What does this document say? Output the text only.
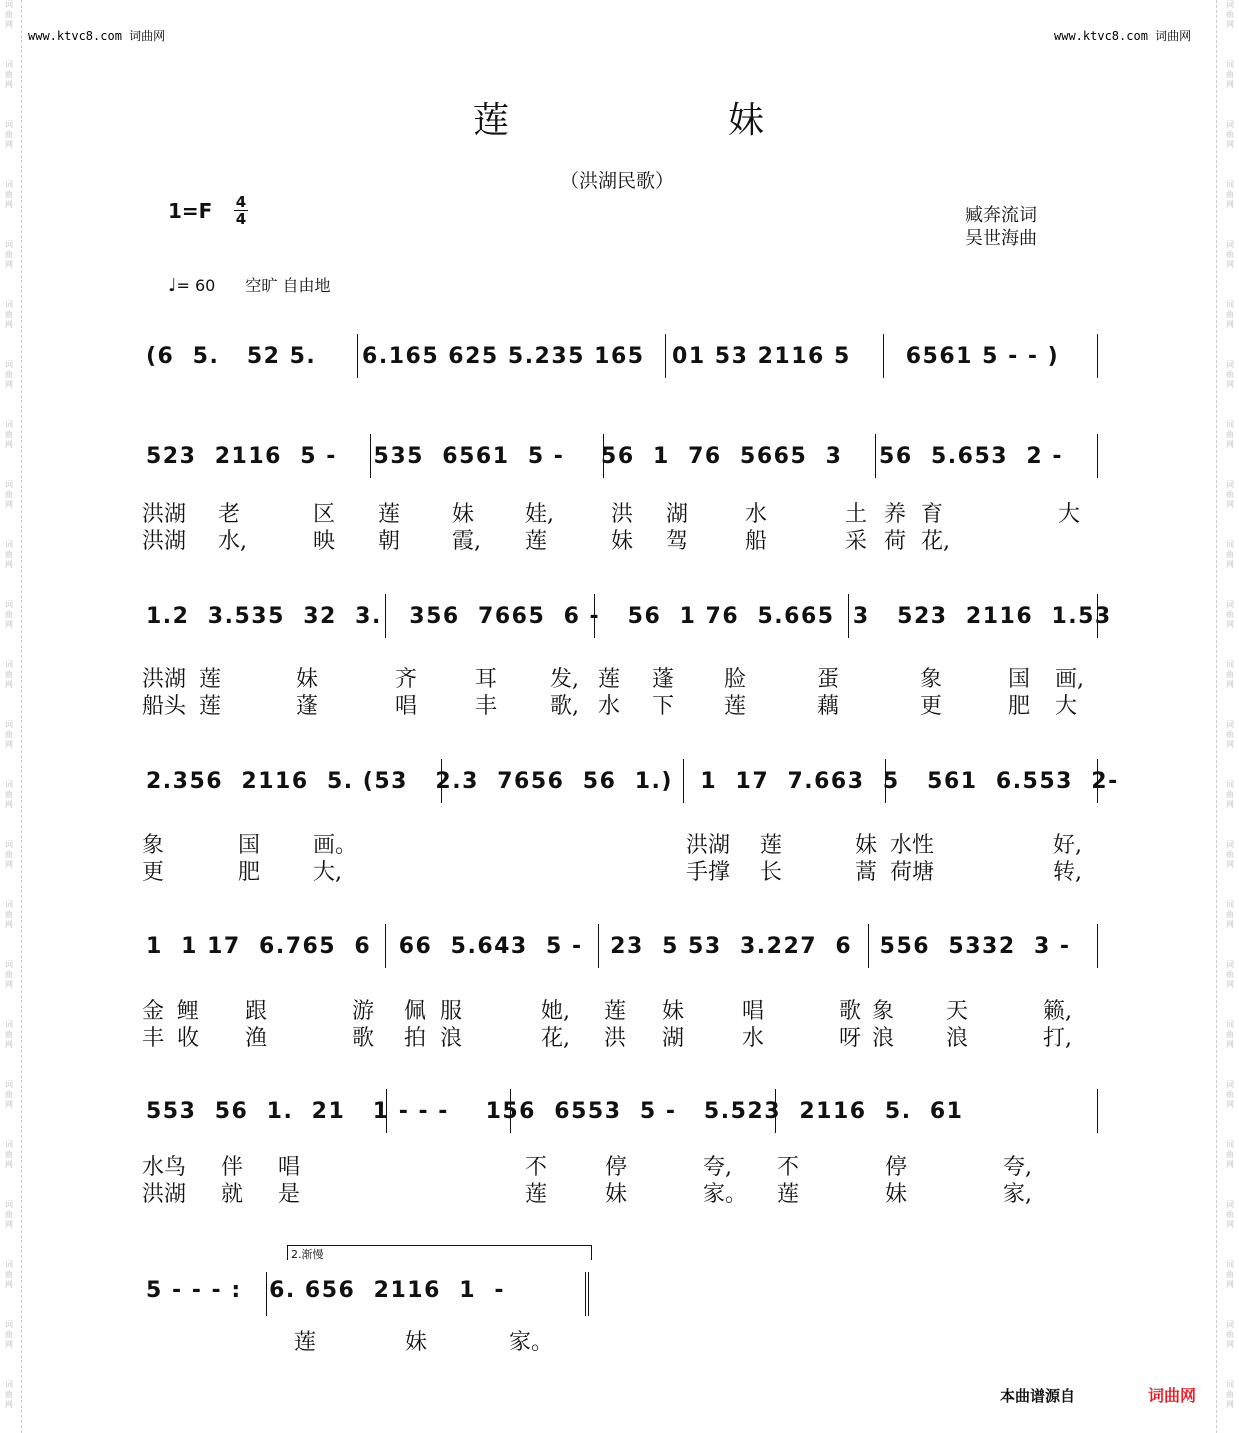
词
曲
网
词
曲
网
词
曲
网
词
曲
网
词
曲
网
词
曲
网
词
曲
网
词
曲
网
词
曲
网
词
曲
网
词
曲
网
词
曲
网
词
曲
网
词
曲
网
词
曲
网
词
曲
网
词
曲
网
词
曲
网
词
曲
网
词
曲
网
词
曲
网
词
曲
网
词
曲
网
词
曲
网
词
曲
网
词
曲
网
词
曲
网
词
曲
网
词
曲
网
词
曲
网
词
曲
网
词
曲
网
词
曲
网
词
曲
网
词
曲
网
词
曲
网
词
曲
网
词
曲
网
词
曲
网
词
曲
网
词
曲
网
词
曲
网
词
曲
网
词
曲
网
词
曲
网
词
曲
网
词
曲
网
词
曲
网
www.ktvc8.com 词曲网	www.ktvc8.com 词曲网
莲	妹
（洪湖民歌）
1=F 4
4	臧奔流词
吴世海曲
♩= 60 空旷 自由地
(6  5.   52 5.     6.165 625 5.235 165   01 53 2116 5      6561 5 - - )
523  2116  5 -    535  6561  5 -    56  1  76  5665  3    56  5.653  2 -
洪湖 老	区 莲 妹 娃,	洪 湖	水	土 养 育	大
洪湖 水,	映 朝 霞, 莲	妹 驾	船	采 荷 花,
1.2  3.535  32  3.   356  7665  6 -   56  1 76  5.665  3   523  2116  1.53
洪湖 莲	妹	齐	耳 发, 莲 蓬 脸	蛋	象	国 画,
船头 莲	蓬	唱	丰 歌, 水 下 莲	藕	更	肥 大
2.356  2116  5. (53   2.3  7656  56  1.)   1  17  7.663  5   561  6.553  2-
象	国 画。	洪湖 莲	妹 水性	好,
更	肥 大,	手撑 长	蒿 荷塘	转,
1  1 17  6.765  6   66  5.643  5 -   23  5 53  3.227  6   556  5332  3 -
金 鲤 跟	游 佩 服	她, 莲 妹	唱	歌 象 天	籁,
丰 收 渔	歌 拍 浪	花, 洪 湖	水	呀 浪 浪	打,
553  56  1.  21   1 - - -    156  6553  5 -   5.523  2116  5.  61
水鸟 伴 唱	不	停	夸, 不	停	夸,
洪湖 就 是	莲	妹	家。 莲	妹	家,
5 - - - :   6. 656  2116  1  -
莲	妹	家。
2.渐慢
本曲谱源自	词曲网
